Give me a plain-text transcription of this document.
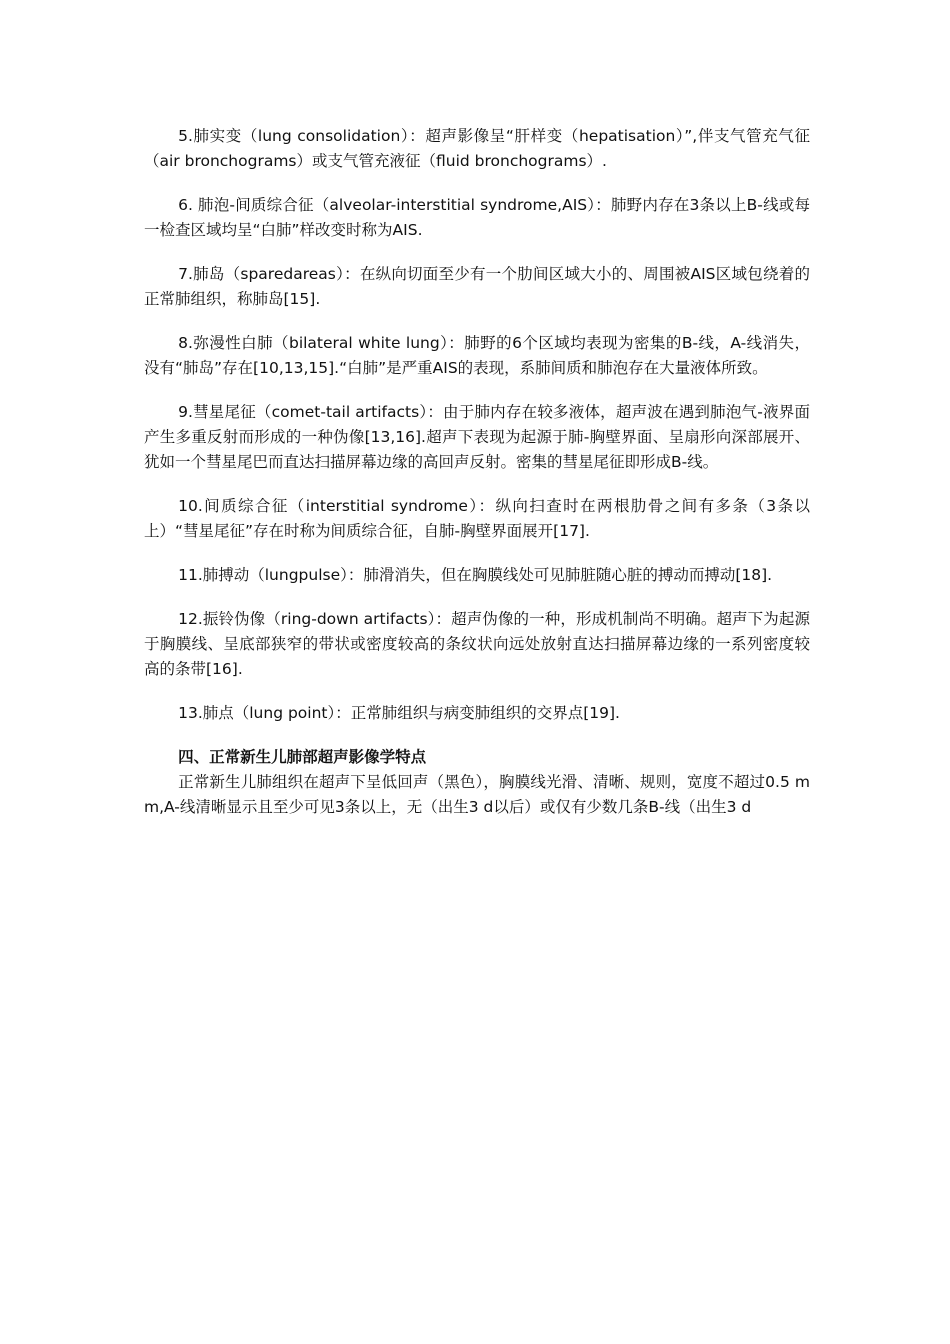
5.肺实变（lung consolidation）：超声影像呈“肝样变（hepatisation）”,伴支气管充气征（air bronchograms）或支气管充液征（fluid bronchograms）.

6. 肺泡-间质综合征（alveolar-interstitial syndrome,AIS）：肺野内存在3条以上B-线或每一检查区域均呈“白肺”样改变时称为AIS.

7.肺岛（sparedareas）：在纵向切面至少有一个肋间区域大小的、周围被AIS区域包绕着的正常肺组织，称肺岛[15].

8.弥漫性白肺（bilateral white lung）：肺野的6个区域均表现为密集的B-线，A-线消失，没有“肺岛”存在[10,13,15].“白肺”是严重AIS的表现，系肺间质和肺泡存在大量液体所致。

9.彗星尾征（comet-tail artifacts）：由于肺内存在较多液体，超声波在遇到肺泡气-液界面产生多重反射而形成的一种伪像[13,16].超声下表现为起源于肺-胸壁界面、呈扇形向深部展开、犹如一个彗星尾巴而直达扫描屏幕边缘的高回声反射。密集的彗星尾征即形成B-线。

10.间质综合征（interstitial syndrome）：纵向扫查时在两根肋骨之间有多条（3条以上）“彗星尾征”存在时称为间质综合征，自肺-胸壁界面展开[17].

11.肺搏动（lungpulse）：肺滑消失，但在胸膜线处可见肺脏随心脏的搏动而搏动[18].

12.振铃伪像（ring-down artifacts）：超声伪像的一种，形成机制尚不明确。超声下为起源于胸膜线、呈底部狭窄的带状或密度较高的条纹状向远处放射直达扫描屏幕边缘的一系列密度较高的条带[16].

13.肺点（lung point）：正常肺组织与病变肺组织的交界点[19].

四、正常新生儿肺部超声影像学特点

正常新生儿肺组织在超声下呈低回声（黑色），胸膜线光滑、清晰、规则，宽度不超过0.5 mm,A-线清晰显示且至少可见3条以上，无（出生3 d以后）或仅有少数几条B-线（出生3 d
